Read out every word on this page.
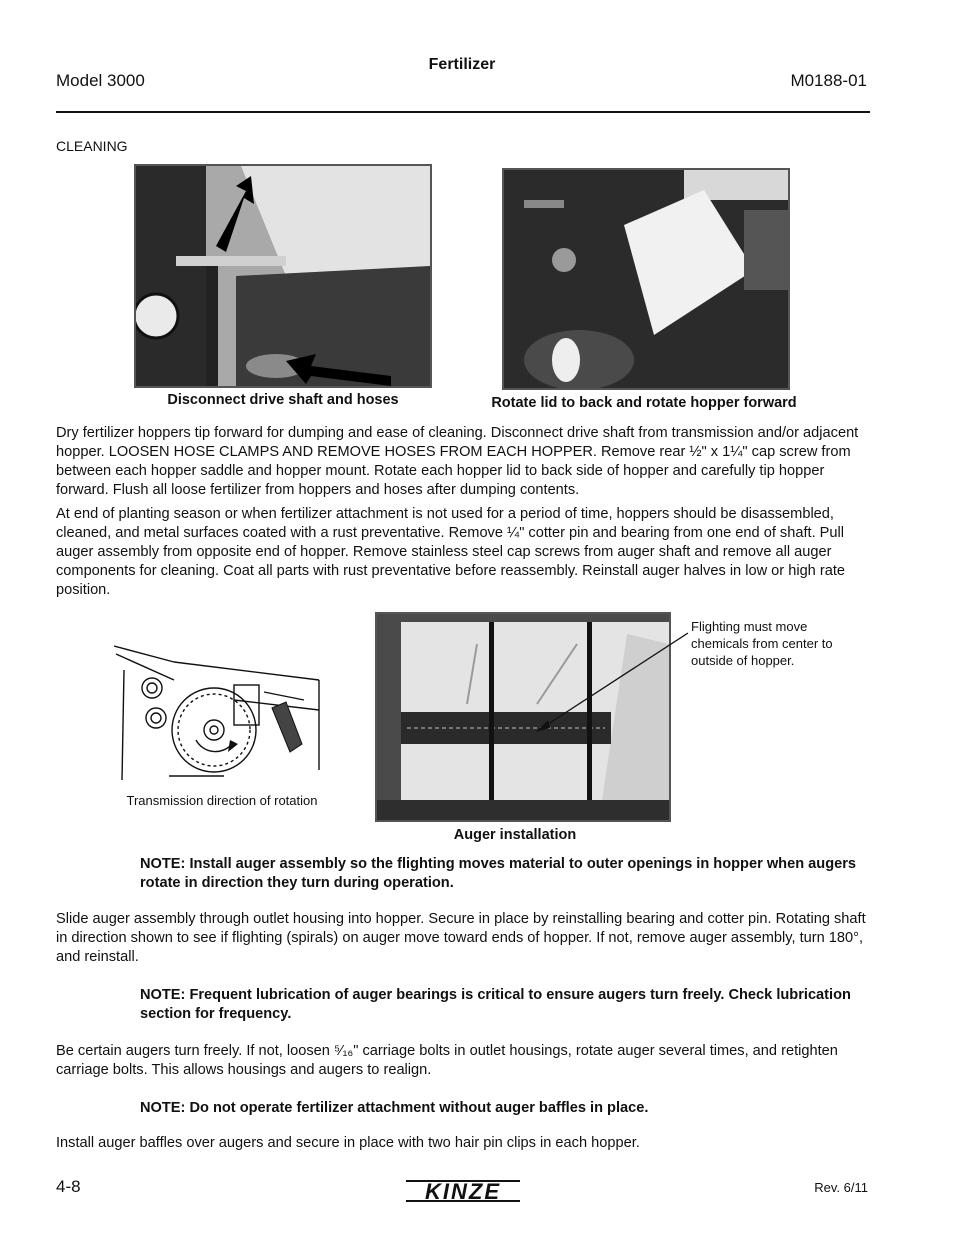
Model 3000
Fertilizer
M0188-01
CLEANING
Disconnect drive shaft and hoses	Rotate lid to back and rotate hopper forward
Dry fertilizer hoppers tip forward for dumping and ease of cleaning. Disconnect drive shaft from transmission and/or adjacent hopper. LOOSEN HOSE CLAMPS AND REMOVE HOSES FROM EACH HOPPER. Remove rear ½" x 1¼" cap screw from between each hopper saddle and hopper mount. Rotate each hopper lid to back side of hopper and carefully tip hopper forward. Flush all loose fertilizer from hoppers and hoses after dumping contents.
At end of planting season or when fertilizer attachment is not used for a period of time, hoppers should be disassembled, cleaned, and metal surfaces coated with a rust preventative. Remove ¼" cotter pin and bearing from one end of shaft. Pull auger assembly from opposite end of hopper. Remove stainless steel cap screws from auger shaft and remove all auger components for cleaning. Coat all parts with rust preventative before reassembly. Reinstall auger halves in low or high rate position.
Transmission direction of rotation
Flighting must move chemicals from center to outside of hopper.
Auger installation
NOTE: Install auger assembly so the flighting moves material to outer openings in hopper when augers rotate in direction they turn during operation.
Slide auger assembly through outlet housing into hopper. Secure in place by reinstalling bearing and cotter pin. Rotating shaft in direction shown to see if flighting (spirals) on auger move toward ends of hopper. If not, remove auger assembly, turn 180°, and reinstall.
NOTE: Frequent lubrication of auger bearings is critical to ensure augers turn freely. Check lubrication section for frequency.
Be certain augers turn freely. If not, loosen ⁵⁄₁₆" carriage bolts in outlet housings, rotate auger several times, and retighten carriage bolts. This allows housings and augers to realign.
NOTE: Do not operate fertilizer attachment without auger baffles in place.
Install auger baffles over augers and secure in place with two hair pin clips in each hopper.
4-8	KINZE	Rev. 6/11
